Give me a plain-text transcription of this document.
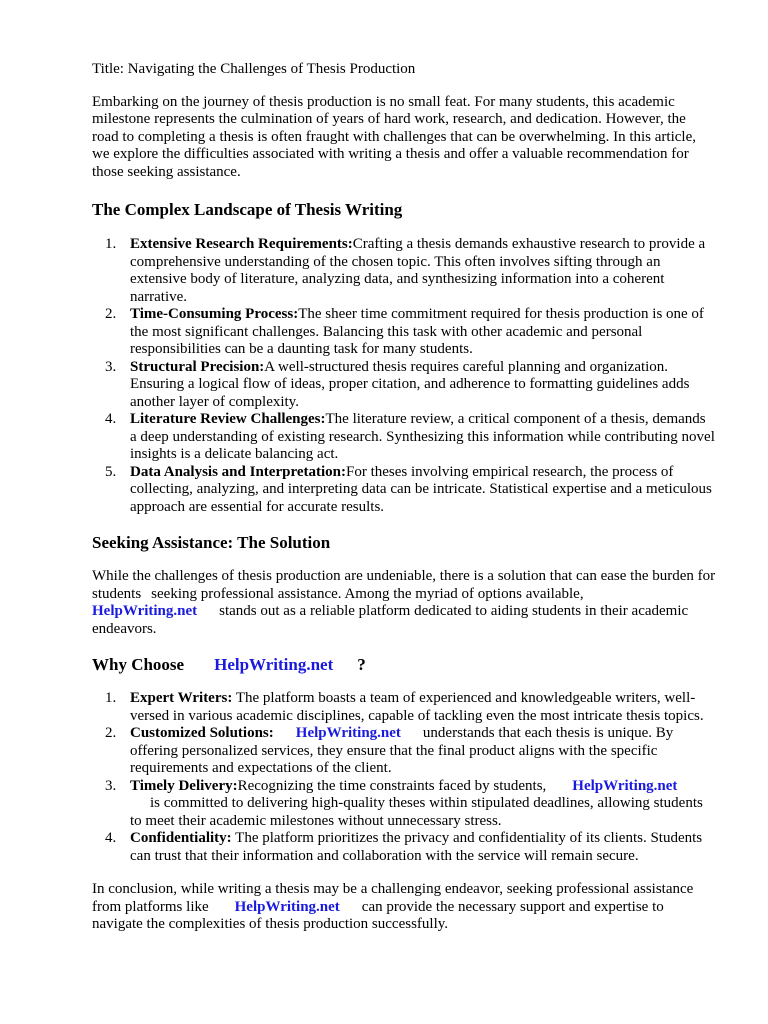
Title: Navigating the Challenges of Thesis Production

Embarking on the journey of thesis production is no small feat. For many students, this academic milestone represents the culmination of years of hard work, research, and dedication. However, the road to completing a thesis is often fraught with challenges that can be overwhelming. In this article, we explore the difficulties associated with writing a thesis and offer a valuable recommendation for those seeking assistance.

The Complex Landscape of Thesis Writing
1. Extensive Research Requirements:Crafting a thesis demands exhaustive research to provide a comprehensive understanding of the chosen topic. This often involves sifting through an extensive body of literature, analyzing data, and synthesizing information into a coherent narrative.
2. Time-Consuming Process:The sheer time commitment required for thesis production is one of the most significant challenges. Balancing this task with other academic and personal responsibilities can be a daunting task for many students.
3. Structural Precision:A well-structured thesis requires careful planning and organization. Ensuring a logical flow of ideas, proper citation, and adherence to formatting guidelines adds another layer of complexity.
4. Literature Review Challenges:The literature review, a critical component of a thesis, demands a deep understanding of existing research. Synthesizing this information while contributing novel insights is a delicate balancing act.
5. Data Analysis and Interpretation:For theses involving empirical research, the process of collecting, analyzing, and interpreting data can be intricate. Statistical expertise and a meticulous approach are essential for accurate results.
Seeking Assistance: The Solution

While the challenges of thesis production are undeniable, there is a solution that can ease the burden for students seeking professional assistance. Among the myriad of options available,
HelpWriting.net stands out as a reliable platform dedicated to aiding students in their academic endeavors.

Why Choose HelpWriting.net ?
1. Expert Writers: The platform boasts a team of experienced and knowledgeable writers, well-versed in various academic disciplines, capable of tackling even the most intricate thesis topics.
2. Customized Solutions: HelpWriting.net understands that each thesis is unique. By offering personalized services, they ensure that the final product aligns with the specific requirements and expectations of the client.
3. Timely Delivery:Recognizing the time constraints faced by students, HelpWriting.net
is committed to delivering high-quality theses within stipulated deadlines, allowing students to meet their academic milestones without unnecessary stress.
4. Confidentiality: The platform prioritizes the privacy and confidentiality of its clients. Students can trust that their information and collaboration with the service will remain secure.

In conclusion, while writing a thesis may be a challenging endeavor, seeking professional assistance from platforms like HelpWriting.net can provide the necessary support and expertise to navigate the complexities of thesis production successfully.
